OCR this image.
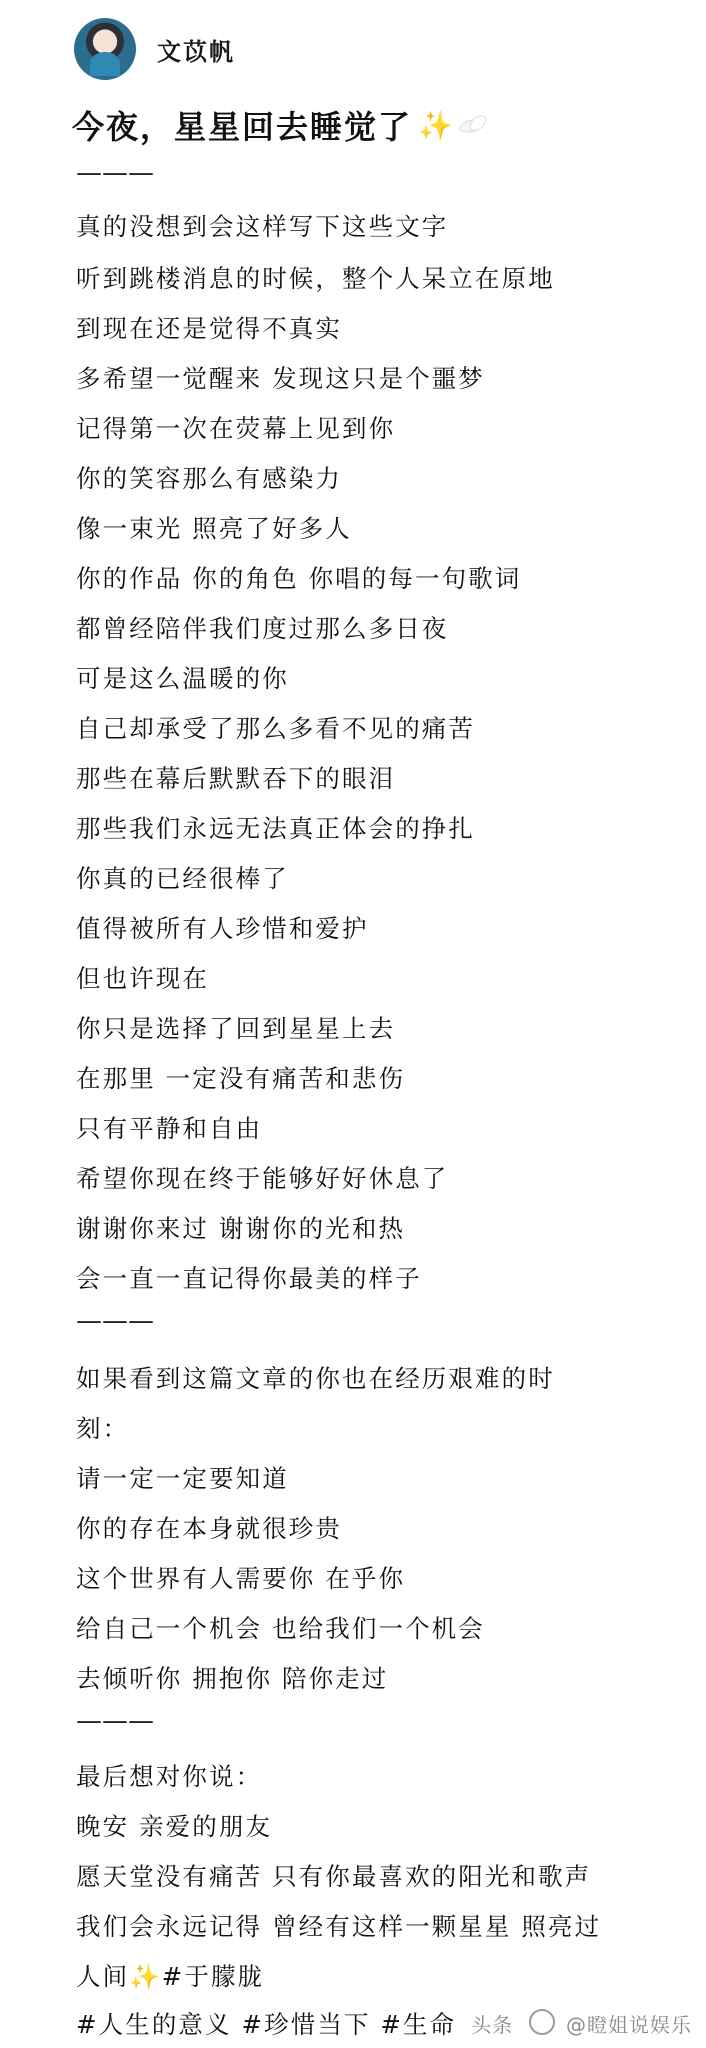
文苡帆
今夜，星星回去睡觉了 ✨
———
真的没想到会这样写下这些文字
听到跳楼消息的时候，整个人呆立在原地
到现在还是觉得不真实
多希望一觉醒来 发现这只是个噩梦
记得第一次在荧幕上见到你
你的笑容那么有感染力
像一束光 照亮了好多人
你的作品 你的角色 你唱的每一句歌词
都曾经陪伴我们度过那么多日夜
可是这么温暖的你
自己却承受了那么多看不见的痛苦
那些在幕后默默吞下的眼泪
那些我们永远无法真正体会的挣扎
你真的已经很棒了
值得被所有人珍惜和爱护
但也许现在
你只是选择了回到星星上去
在那里 一定没有痛苦和悲伤
只有平静和自由
希望你现在终于能够好好休息了
谢谢你来过 谢谢你的光和热
会一直一直记得你最美的样子
———
如果看到这篇文章的你也在经历艰难的时
刻：
请一定一定要知道
你的存在本身就很珍贵
这个世界有人需要你 在乎你
给自己一个机会 也给我们一个机会
去倾听你 拥抱你 陪你走过
———
最后想对你说：
晚安 亲爱的朋友
愿天堂没有痛苦 只有你最喜欢的阳光和歌声
我们会永远记得 曾经有这样一颗星星 照亮过
人间✨#于朦胧
#人生的意义 #珍惜当下 #生命 头条	@瞪姐说娱乐
